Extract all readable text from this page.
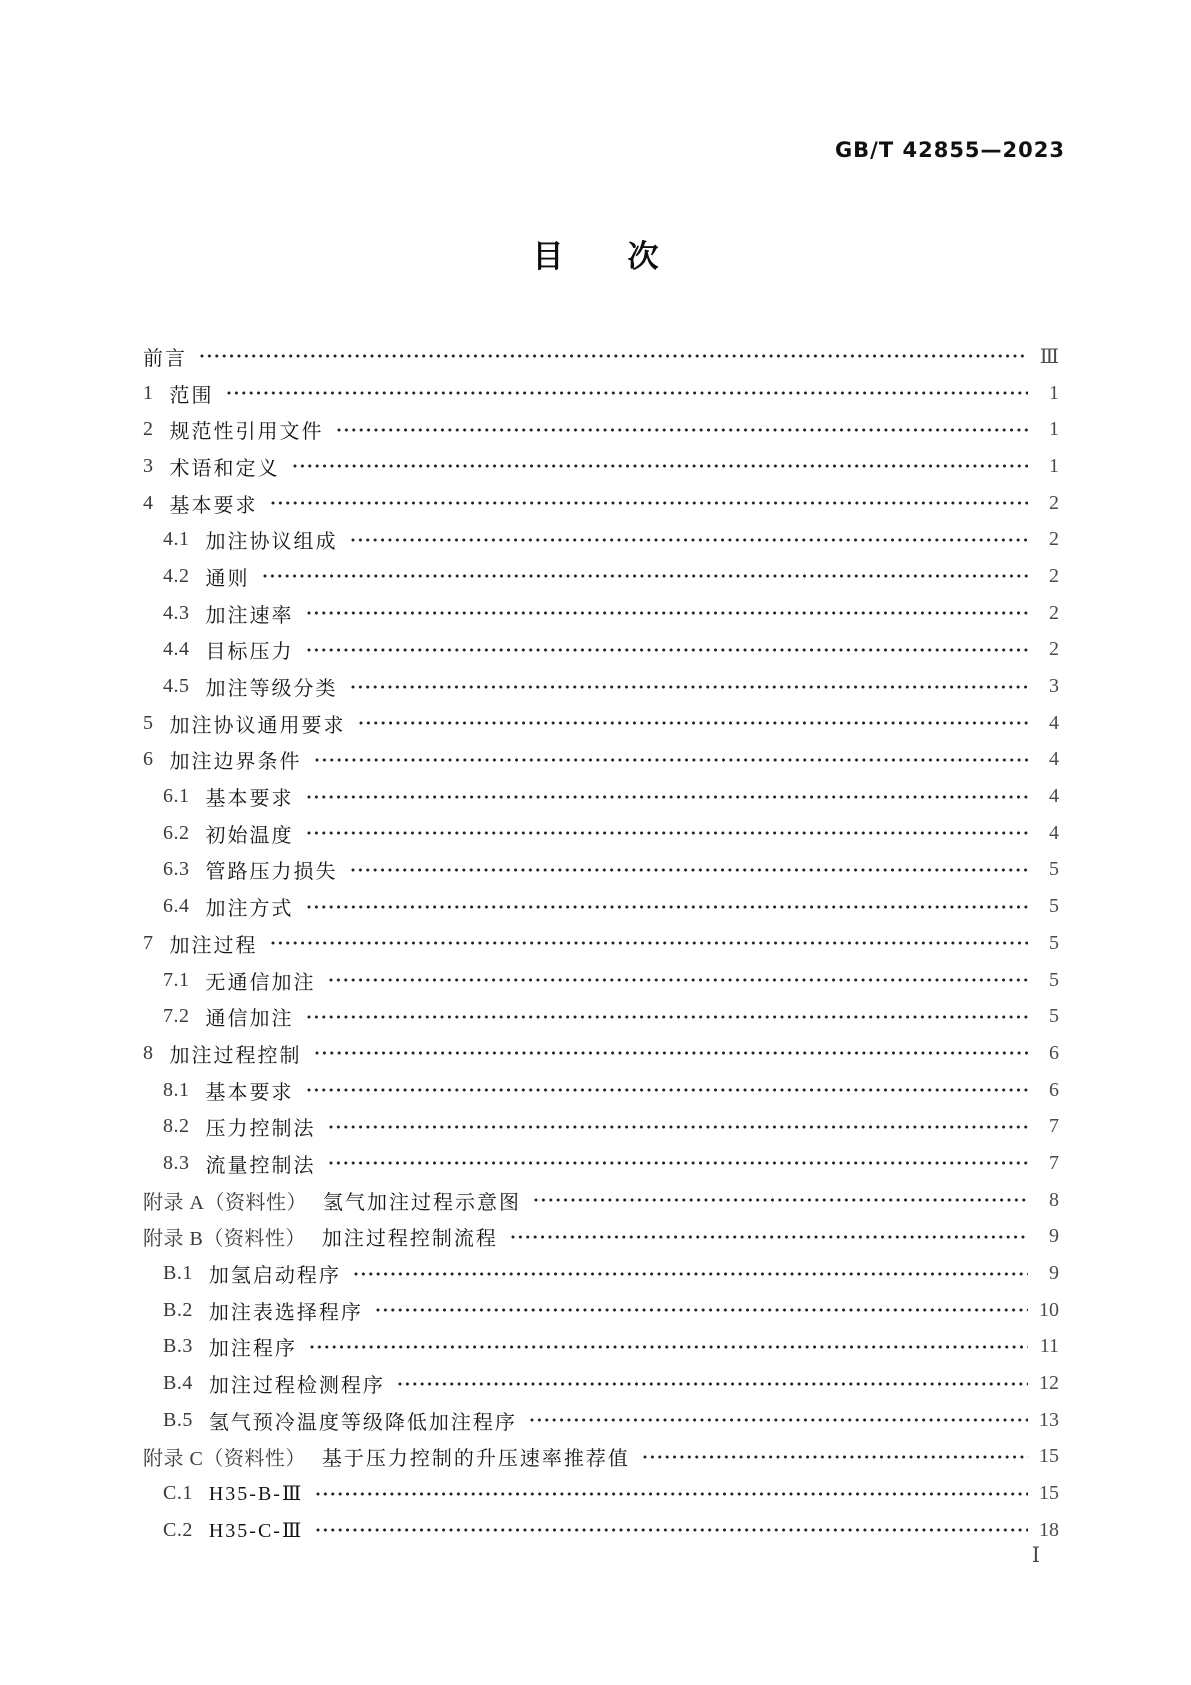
GB/T 42855—2023
目 次
前言	Ⅲ
1 范围	1
2 规范性引用文件	1
3 术语和定义	1
4 基本要求	2
4.1 加注协议组成	2
4.2 通则	2
4.3 加注速率	2
4.4 目标压力	2
4.5 加注等级分类	3
5 加注协议通用要求	4
6 加注边界条件	4
6.1 基本要求	4
6.2 初始温度	4
6.3 管路压力损失	5
6.4 加注方式	5
7 加注过程	5
7.1 无通信加注	5
7.2 通信加注	5
8 加注过程控制	6
8.1 基本要求	6
8.2 压力控制法	7
8.3 流量控制法	7
附录 A（资料性） 氢气加注过程示意图	8
附录 B（资料性） 加注过程控制流程	9
B.1 加氢启动程序	9
B.2 加注表选择程序	10
B.3 加注程序	11
B.4 加注过程检测程序	12
B.5 氢气预冷温度等级降低加注程序	13
附录 C（资料性） 基于压力控制的升压速率推荐值	15
C.1 H35-B-Ⅲ	15
C.2 H35-C-Ⅲ	18
Ⅰ
